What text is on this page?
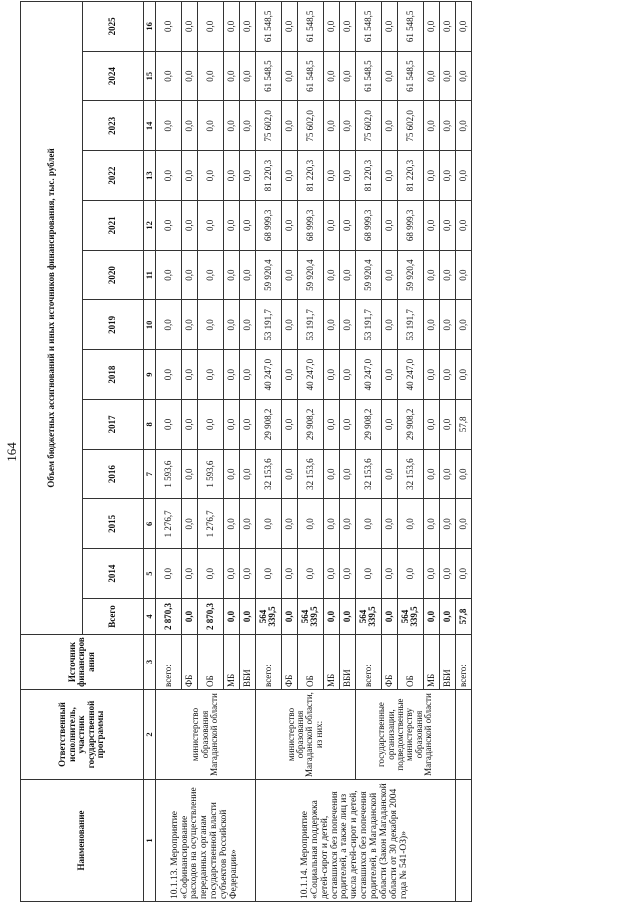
164
Наименование	Ответственный исполнитель, участник государственной программы	Источник финансирования	Объем бюджетных ассигнований и иных источников финансирования, тыс. рублей												
			Всего	2014	2015	2016	2017	2018	2019	2020	2021	2022	2023	2024	2025
1	2	3	4	5	6	7	8	9	10	11	12	13	14	15	16
10.1.13. Мероприятие «Софинансирование расходов на осуществление переданных органам государственной власти субъектов Российской Федерации»	министерство образования Магаданской области	всего:	2 870,3	0,0	1 276,7	1 593,6	0,0	0,0	0,0	0,0	0,0	0,0	0,0	0,0	0,0
		ФБ	0,0	0,0	0,0	0,0	0,0	0,0	0,0	0,0	0,0	0,0	0,0	0,0	0,0
		ОБ	2 870,3	0,0	1 276,7	1 593,6	0,0	0,0	0,0	0,0	0,0	0,0	0,0	0,0	0,0
		МБ	0,0	0,0	0,0	0,0	0,0	0,0	0,0	0,0	0,0	0,0	0,0	0,0	0,0
		ВБИ	0,0	0,0	0,0	0,0	0,0	0,0	0,0	0,0	0,0	0,0	0,0	0,0	0,0
10.1.14. Мероприятие «Социальная поддержка детей-сирот и детей, оставшихся без попечения родителей, а также лиц из числа детей-сирот и детей, оставшихся без попечения родителей, в Магаданской области (Закон Магаданской области от 30 декабря 2004 года № 541-ОЗ)»	министерство образования Магаданской области, из них:	всего:	564 339,5	0,0	0,0	32 153,6	29 908,2	40 247,0	53 191,7	59 920,4	68 999,3	81 220,3	75 602,0	61 548,5	61 548,5
		ФБ	0,0	0,0	0,0	0,0	0,0	0,0	0,0	0,0	0,0	0,0	0,0	0,0	0,0
		ОБ	564 339,5	0,0	0,0	32 153,6	29 908,2	40 247,0	53 191,7	59 920,4	68 999,3	81 220,3	75 602,0	61 548,5	61 548,5
		МБ	0,0	0,0	0,0	0,0	0,0	0,0	0,0	0,0	0,0	0,0	0,0	0,0	0,0
		ВБИ	0,0	0,0	0,0	0,0	0,0	0,0	0,0	0,0	0,0	0,0	0,0	0,0	0,0
	государственные организации, подведомственные министерству образования Магаданской области	всего:	564 339,5	0,0	0,0	32 153,6	29 908,2	40 247,0	53 191,7	59 920,4	68 999,3	81 220,3	75 602,0	61 548,5	61 548,5
		ФБ	0,0	0,0	0,0	0,0	0,0	0,0	0,0	0,0	0,0	0,0	0,0	0,0	0,0
		ОБ	564 339,5	0,0	0,0	32 153,6	29 908,2	40 247,0	53 191,7	59 920,4	68 999,3	81 220,3	75 602,0	61 548,5	61 548,5
		МБ	0,0	0,0	0,0	0,0	0,0	0,0	0,0	0,0	0,0	0,0	0,0	0,0	0,0
		ВБИ	0,0	0,0	0,0	0,0	0,0	0,0	0,0	0,0	0,0	0,0	0,0	0,0	0,0
		всего:	57,8	0,0	0,0	0,0	57,8	0,0	0,0	0,0	0,0	0,0	0,0	0,0	0,0
